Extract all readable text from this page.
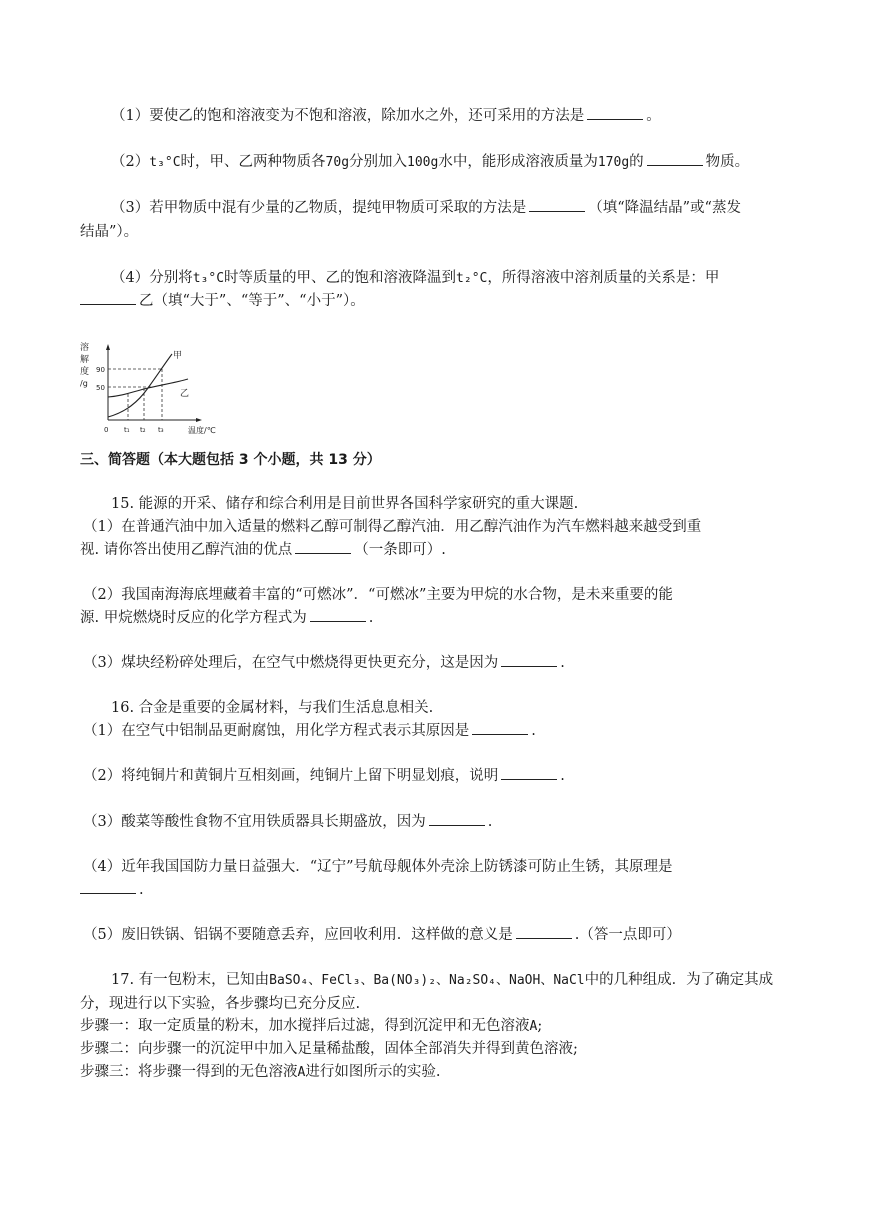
（1）要使乙的饱和溶液变为不饱和溶液，除加水之外，还可采用的方法是	。
（2）t₃°C时，甲、乙两种物质各70g分别加入100g水中，能形成溶液质量为170g的	物质。
（3）若甲物质中混有少量的乙物质，提纯甲物质可采取的方法是	（填“降温结晶”或“蒸发
结晶”）。
（4）分别将t₃°C时等质量的甲、乙的饱和溶液降温到t₂°C，所得溶液中溶剂质量的关系是：甲
乙（填“大于”、“等于”、“小于”）。
溶
解
度
/g
90
50
0 t₁ t₂ t₃	温度/℃
甲
乙
三、简答题（本大题包括 3 个小题，共 13 分）
15. 能源的开采、储存和综合利用是目前世界各国科学家研究的重大课题.
（1）在普通汽油中加入适量的燃料乙醇可制得乙醇汽油．用乙醇汽油作为汽车燃料越来越受到重
视. 请你答出使用乙醇汽油的优点	（一条即可）.
（2）我国南海海底埋藏着丰富的“可燃冰”．“可燃冰”主要为甲烷的水合物，是未来重要的能
源. 甲烷燃烧时反应的化学方程式为	.
（3）煤块经粉碎处理后，在空气中燃烧得更快更充分，这是因为	.
16. 合金是重要的金属材料，与我们生活息息相关.
（1）在空气中铝制品更耐腐蚀，用化学方程式表示其原因是	.
（2）将纯铜片和黄铜片互相刻画，纯铜片上留下明显划痕，说明	.
（3）酸菜等酸性食物不宜用铁质器具长期盛放，因为	.
（4）近年我国国防力量日益强大．“辽宁”号航母舰体外壳涂上防锈漆可防止生锈，其原理是
.
（5）废旧铁锅、铝锅不要随意丢弃，应回收利用．这样做的意义是	.（答一点即可）
17. 有一包粉末，已知由BaSO₄、FeCl₃、Ba(NO₃)₂、Na₂SO₄、NaOH、NaCl中的几种组成．为了确定其成
分，现进行以下实验，各步骤均已充分反应.
步骤一：取一定质量的粉末，加水搅拌后过滤，得到沉淀甲和无色溶液A;
步骤二：向步骤一的沉淀甲中加入足量稀盐酸，固体全部消失并得到黄色溶液;
步骤三：将步骤一得到的无色溶液A进行如图所示的实验.
